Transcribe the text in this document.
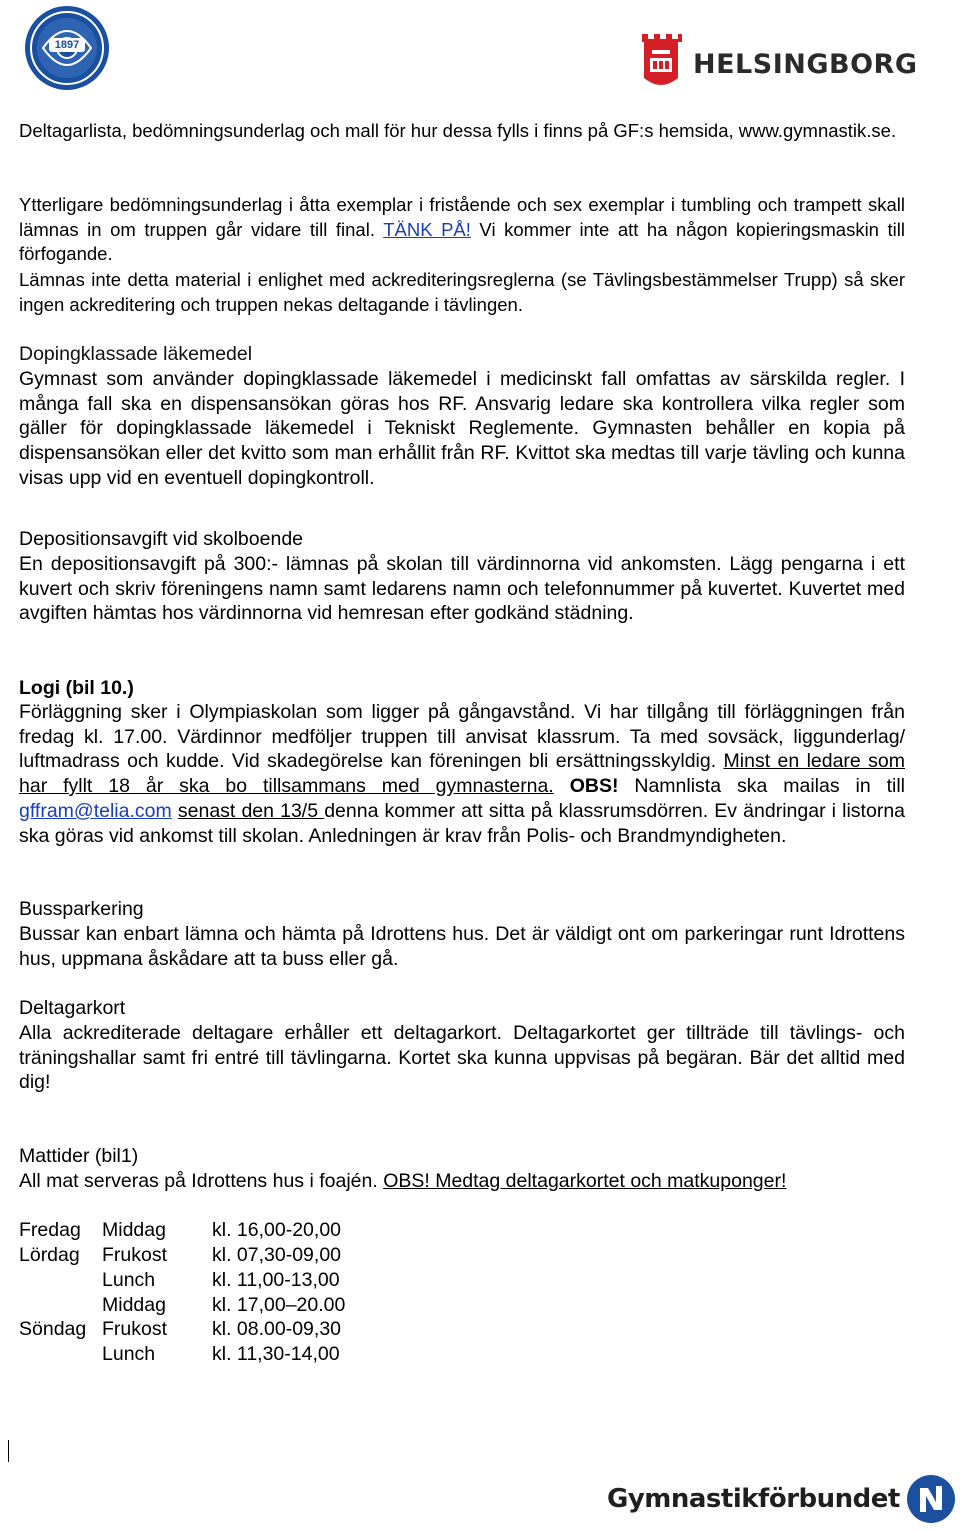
1897
HELSINGBORG
Deltagarlista, bedömningsunderlag och mall för hur dessa fylls i finns på GF:s hemsida, www.gymnastik.se.
Ytterligare bedömningsunderlag i åtta exemplar i fristående och sex exemplar i tumbling och trampett skall lämnas in om truppen går vidare till final. TÄNK PÅ! Vi kommer inte att ha någon kopieringsmaskin till förfogande.
Lämnas inte detta material i enlighet med ackrediteringsreglerna (se Tävlingsbestämmelser Trupp) så sker ingen ackreditering och truppen nekas deltagande i tävlingen.
Dopingklassade läkemedel
Gymnast som använder dopingklassade läkemedel i medicinskt fall omfattas av särskilda regler. I många fall ska en dispensansökan göras hos RF. Ansvarig ledare ska kontrollera vilka regler som gäller för dopingklassade läkemedel i Tekniskt Reglemente. Gymnasten behåller en kopia på dispensansökan eller det kvitto som man erhållit från RF. Kvittot ska medtas till varje tävling och kunna visas upp vid en eventuell dopingkontroll.
Depositionsavgift vid skolboende
En depositionsavgift på 300:- lämnas på skolan till värdinnorna vid ankomsten. Lägg pengarna i ett kuvert och skriv föreningens namn samt ledarens namn och telefonnummer på kuvertet. Kuvertet med avgiften hämtas hos värdinnorna vid hemresan efter godkänd städning.
Logi (bil 10.)
Förläggning sker i Olympiaskolan som ligger på gångavstånd. Vi har tillgång till förläggningen från fredag kl. 17.00. Värdinnor medföljer truppen till anvisat klassrum. Ta med sovsäck, liggunderlag/ luftmadrass och kudde. Vid skadegörelse kan föreningen bli ersättningsskyldig. Minst en ledare som har fyllt 18 år ska bo tillsammans med gymnasterna. OBS! Namnlista ska mailas in till gffram@telia.com senast den 13/5 denna kommer att sitta på klassrumsdörren. Ev ändringar i listorna ska göras vid ankomst till skolan. Anledningen är krav från Polis- och Brandmyndigheten.
Bussparkering
Bussar kan enbart lämna och hämta på Idrottens hus. Det är väldigt ont om parkeringar runt Idrottens hus, uppmana åskådare att ta buss eller gå.
Deltagarkort
Alla ackrediterade deltagare erhåller ett deltagarkort. Deltagarkortet ger tillträde till tävlings- och träningshallar samt fri entré till tävlingarna. Kortet ska kunna uppvisas på begäran. Bär det alltid med dig!
Mattider (bil1)
All mat serveras på Idrottens hus i foajén. OBS! Medtag deltagarkortet och matkuponger!
Fredag Middag kl. 16,00-20,00
Lördag Frukost kl. 07,30-09,00
Lunch	kl. 11,00-13,00
Middag kl. 17,00–20.00
Söndag Frukost kl. 08.00-09,30
Lunch	kl. 11,30-14,00
Gymnastikförbundet
